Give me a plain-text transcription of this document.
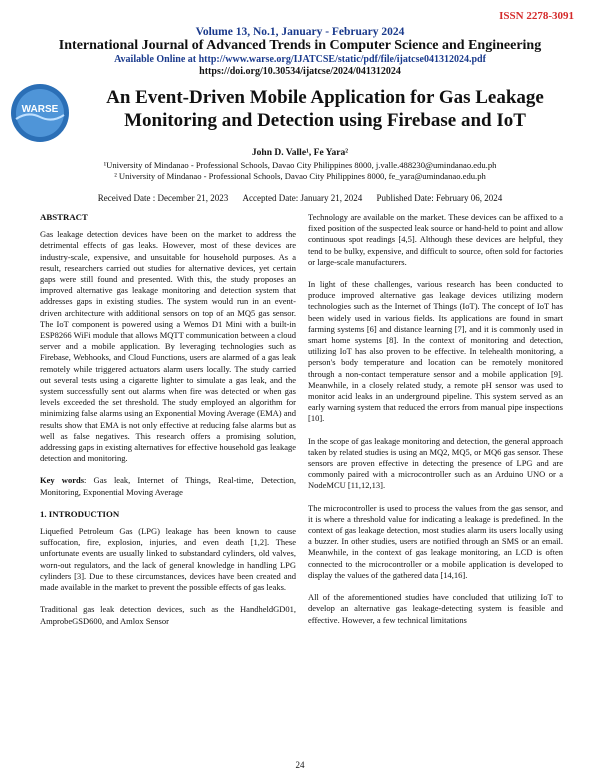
ISSN 2278-3091
Volume 13, No.1, January - February 2024
International Journal of Advanced Trends in Computer Science and Engineering
Available Online at http://www.warse.org/IJATCSE/static/pdf/file/ijatcse041312024.pdf
https://doi.org/10.30534/ijatcse/2024/041312024
WARSE
An Event-Driven Mobile Application for Gas Leakage Monitoring and Detection using Firebase and IoT
John D. Valle¹, Fe Yara²
¹University of Mindanao - Professional Schools, Davao City Philippines 8000, j.valle.488230@umindanao.edu.ph
² University of Mindanao - Professional Schools, Davao City Philippines 8000, fe_yara@umindanao.edu.ph
Received Date : December 21, 2023 Accepted Date: January 21, 2024 Published Date: February 06, 2024
ABSTRACT

Gas leakage detection devices have been on the market to address the detrimental effects of gas leaks. However, most of these devices are industry-scale, expensive, and unsuitable for household purposes. As a result, researchers carried out studies for alternative devices, yet certain gaps were still found and presented. With this, the study proposes an improved alternative gas leakage monitoring and detection system that addresses gaps in existing studies. The system would run in an event-driven architecture with additional sensors on top of an MQ5 gas sensor. The IoT component is powered using a Wemos D1 Mini with a built-in ESP8266 WiFi module that allows MQTT communication between a cloud server and a mobile application. By leveraging technologies such as Firebase, Webhooks, and Cloud Functions, users are alarmed of a gas leak remotely while triggered actuators alarm users locally. The study carried out several tests using a cigarette lighter to simulate a gas leak, and the system successfully sent out alarms when fire was detected or when gas levels exceeded the set threshold. The study employed an algorithm for minimizing false alarms using an Exponential Moving Average (EMA) and results show that EMA is not only effective at reducing false alarms but as well as false negatives. This research offers a promising solution, addressing gaps in existing alternatives for effective household gas leakage detection and monitoring.

Key words: Gas leak, Internet of Things, Real-time, Detection, Monitoring, Exponential Moving Average

1. INTRODUCTION

Liquefied Petroleum Gas (LPG) leakage has been known to cause suffocation, fire, explosion, injuries, and even death [1,2]. These unfortunate events are usually linked to substandard cylinders, old valves, worn-out regulators, and the lack of general knowledge in handling LPG cylinders [3]. Due to these circumstances, devices have been created and made available in the market to prevent the possible effects of gas leaks.

Traditional gas leak detection devices, such as the HandheldGD01, AmprobeGSD600, and Amlox Sensor

Technology are available on the market. These devices can be affixed to a fixed position of the suspected leak source or hand-held to point and allow continuous spot readings [4,5]. Although these devices are helpful, they tend to be bulky, expensive, and difficult to source, often sold for factories or large-scale manufacturers.

In light of these challenges, various research has been conducted to produce improved alternative gas leakage devices utilizing modern technologies such as the Internet of Things (IoT). The concept of IoT has been widely used in various fields. Its applications are found in smart farming systems [6] and distance learning [7], and it is commonly used in smart home systems [8]. In the context of monitoring and detection, utilizing IoT has also proven to be effective. In telehealth monitoring, a person's body temperature and location can be remotely monitored through a non-contact temperature sensor and a mobile application [9]. Meanwhile, in a closely related study, a remote pH sensor was used to monitor acid leaks in an underground pipeline. This system served as an early warning system that reduced the errors from manual pipe inspections [10].

In the scope of gas leakage monitoring and detection, the general approach taken by related studies is using an MQ2, MQ5, or MQ6 gas sensor. These sensors are proven effective in detecting the presence of LPG and are commonly paired with a microcontroller such as an Arduino UNO or a NodeMCU [11,12,13].

The microcontroller is used to process the values from the gas sensor, and it is where a threshold value for indicating a leakage is predefined. In the context of gas leakage detection, most studies alarm its users locally using a buzzer. In other studies, users are notified through an SMS or an email. Meanwhile, in the context of gas leakage monitoring, an LCD is often connected to the microcontroller or a mobile application is developed to display the values of the gathered data [14,16].

All of the aforementioned studies have concluded that utilizing IoT to develop an alternative gas leakage-detecting system is feasible and effective. However, a few technical limitations

24
